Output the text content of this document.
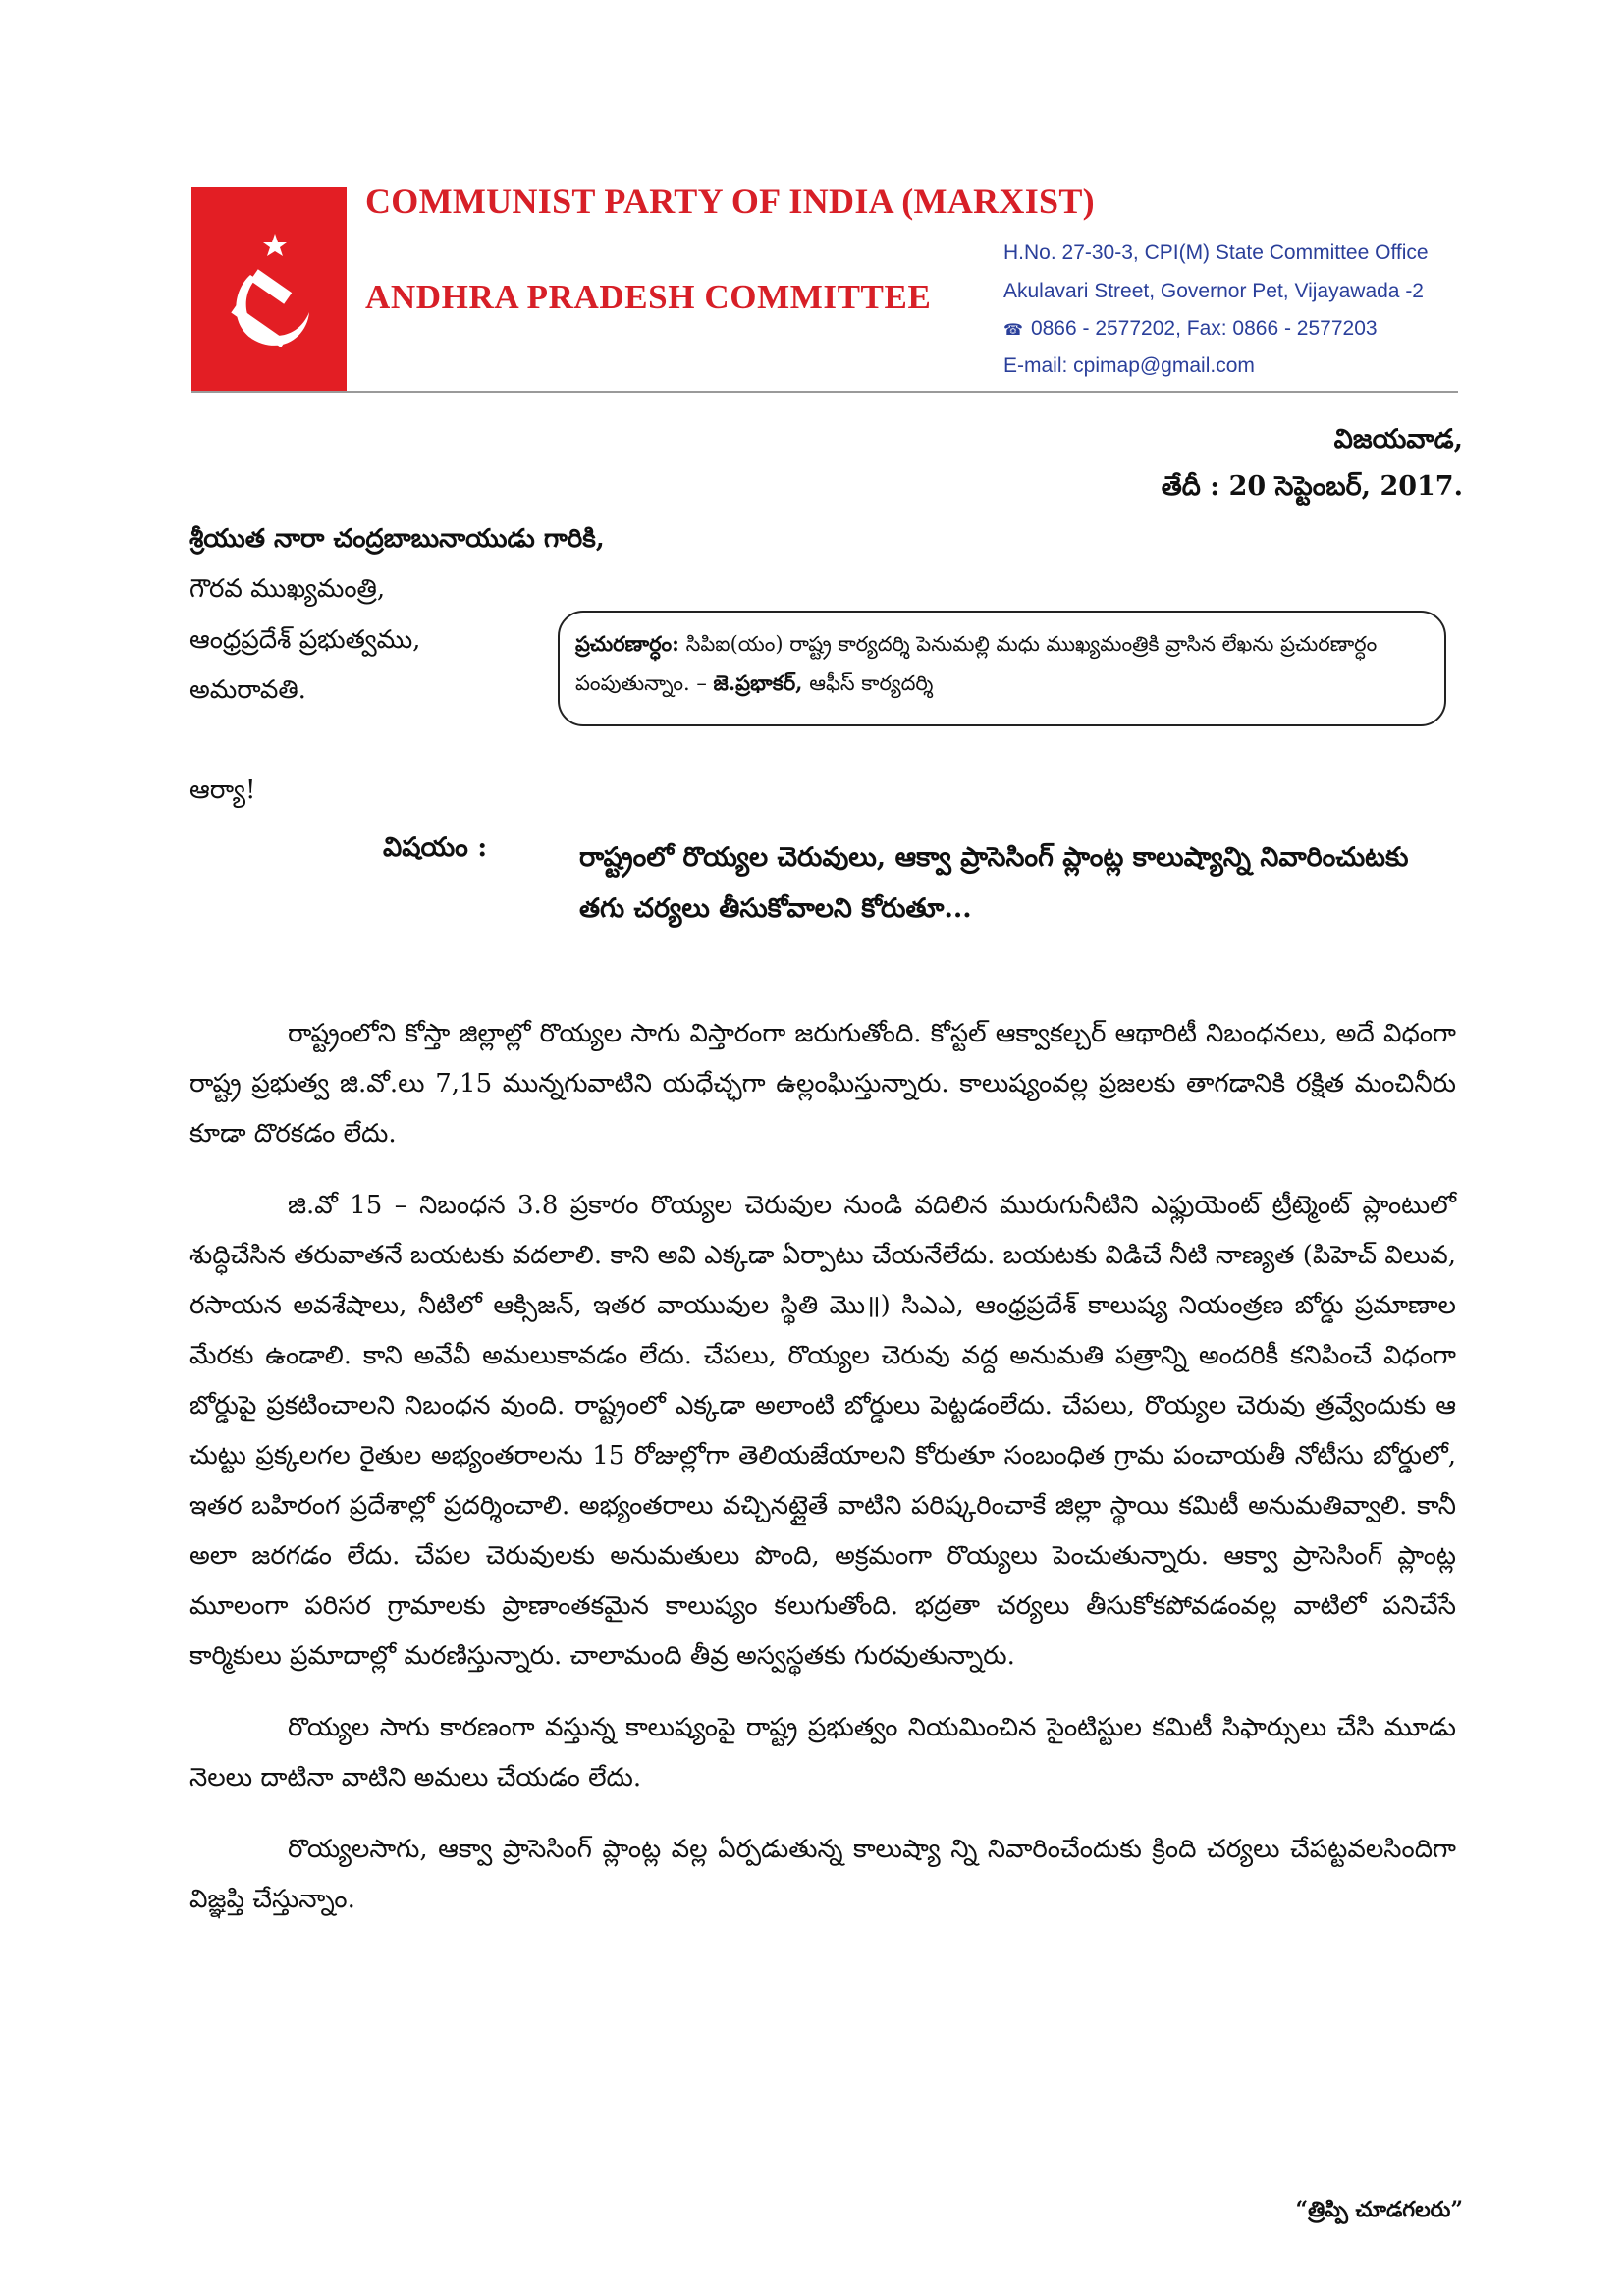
COMMUNIST PARTY OF INDIA (MARXIST)
ANDHRA PRADESH COMMITTEE
H.No. 27-30-3, CPI(M) State Committee Office
Akulavari Street, Governor Pet, Vijayawada -2
☎ 0866 - 2577202, Fax: 0866 - 2577203
E-mail: cpimap@gmail.com
విజయవాడ,
తేదీ : 20 సెప్టెంబర్, 2017.
శ్రీయుత నారా చంద్రబాబునాయుడు గారికి,
గౌరవ ముఖ్యమంత్రి,
ఆంధ్రప్రదేశ్ ప్రభుత్వము,
అమరావతి.
ప్రచురణార్ధం: సిపిఐ(యం) రాష్ట్ర కార్యదర్శి పెనుమల్లి మధు ముఖ్యమంత్రికి వ్రాసిన లేఖను ప్రచురణార్ధం పంపుతున్నాం. – జె.ప్రభాకర్, ఆఫీస్ కార్యదర్శి
ఆర్యా!
విషయం :	రాష్ట్రంలో రొయ్యల చెరువులు, ఆక్వా ప్రాసెసింగ్ ప్లాంట్ల కాలుష్యాన్ని నివారించుటకు తగు చర్యలు తీసుకోవాలని కోరుతూ...

రాష్ట్రంలోని కోస్తా జిల్లాల్లో రొయ్యల సాగు విస్తారంగా జరుగుతోంది. కోస్టల్ ఆక్వాకల్చర్ ఆథారిటీ నిబంధనలు, అదే విధంగా రాష్ట్ర ప్రభుత్వ జి.వో.లు 7,15 మున్నగువాటిని యధేచ్ఛగా ఉల్లంఘిస్తున్నారు. కాలుష్యంవల్ల ప్రజలకు తాగడానికి రక్షిత మంచినీరు కూడా దొరకడం లేదు.

జి.వో 15 – నిబంధన 3.8 ప్రకారం రొయ్యల చెరువుల నుండి వదిలిన మురుగునీటిని ఎఫ్లుయెంట్ ట్రీట్మెంట్ ప్లాంటులో శుద్ధిచేసిన తరువాతనే బయటకు వదలాలి. కాని అవి ఎక్కడా ఏర్పాటు చేయనేలేదు. బయటకు విడిచే నీటి నాణ్యత (పిహెచ్ విలువ, రసాయన అవశేషాలు, నీటిలో ఆక్సిజన్, ఇతర వాయువుల స్థితి మొ॥) సిఎఎ, ఆంధ్రప్రదేశ్ కాలుష్య నియంత్రణ బోర్డు ప్రమాణాల మేరకు ఉండాలి. కాని అవేవీ అమలుకావడం లేదు. చేపలు, రొయ్యల చెరువు వద్ద అనుమతి పత్రాన్ని అందరికీ కనిపించే విధంగా బోర్డుపై ప్రకటించాలని నిబంధన వుంది. రాష్ట్రంలో ఎక్కడా అలాంటి బోర్డులు పెట్టడంలేదు. చేపలు, రొయ్యల చెరువు త్రవ్వేందుకు ఆ చుట్టు ప్రక్కలగల రైతుల అభ్యంతరాలను 15 రోజుల్లోగా తెలియజేయాలని కోరుతూ సంబంధిత గ్రామ పంచాయతీ నోటీసు బోర్డులో, ఇతర బహిరంగ ప్రదేశాల్లో ప్రదర్శించాలి. అభ్యంతరాలు వచ్చినట్లైతే వాటిని పరిష్కరించాకే జిల్లా స్థాయి కమిటీ అనుమతివ్వాలి. కానీ అలా జరగడం లేదు. చేపల చెరువులకు అనుమతులు పొంది, అక్రమంగా రొయ్యలు పెంచుతున్నారు. ఆక్వా ప్రాసెసింగ్ ప్లాంట్ల మూలంగా పరిసర గ్రామాలకు ప్రాణాంతకమైన కాలుష్యం కలుగుతోంది. భద్రతా చర్యలు తీసుకోకపోవడంవల్ల వాటిలో పనిచేసే కార్మికులు ప్రమాదాల్లో మరణిస్తున్నారు. చాలామంది తీవ్ర అస్వస్థతకు గురవుతున్నారు.

రొయ్యల సాగు కారణంగా వస్తున్న కాలుష్యంపై రాష్ట్ర ప్రభుత్వం నియమించిన సైంటిస్టుల కమిటీ సిఫార్సులు చేసి మూడు నెలలు దాటినా వాటిని అమలు చేయడం లేదు.

రొయ్యలసాగు, ఆక్వా ప్రాసెసింగ్ ప్లాంట్ల వల్ల ఏర్పడుతున్న కాలుష్యా న్ని నివారించేందుకు క్రింది చర్యలు చేపట్టవలసిందిగా విజ్ఞప్తి చేస్తున్నాం.

“త్రిప్పి చూడగలరు”
